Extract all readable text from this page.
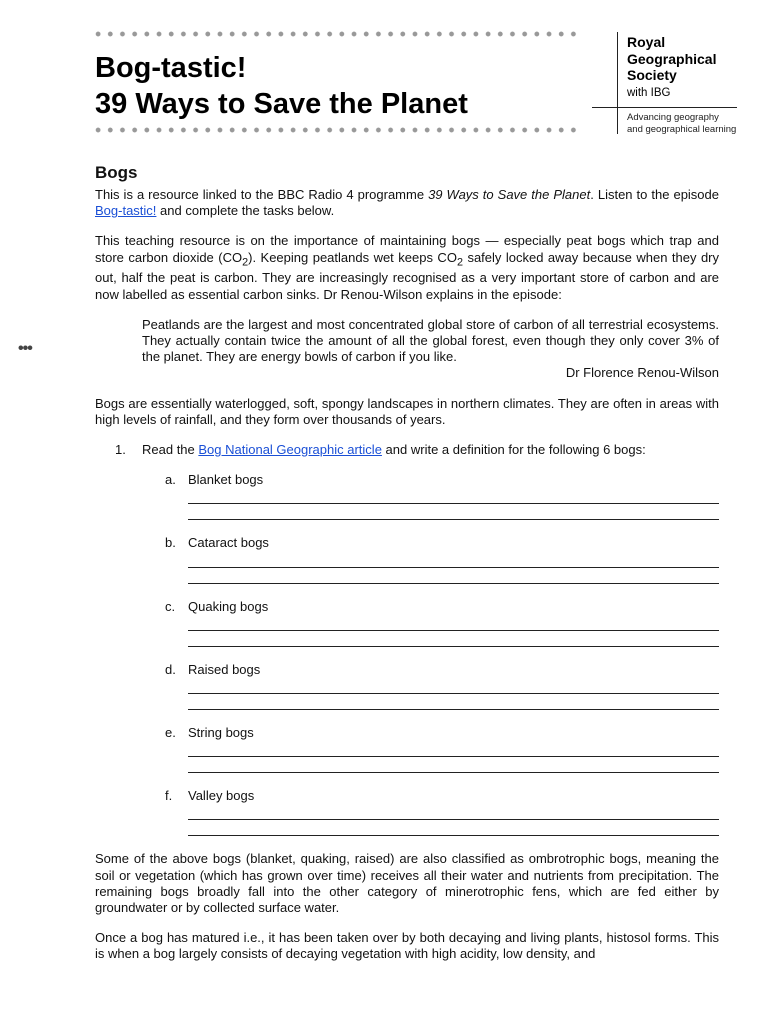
Bog-tastic!
39 Ways to Save the Planet
Royal
Geographical
Society
with IBG
Advancing geography
and geographical learning
•••
Bogs

This is a resource linked to the BBC Radio 4 programme 39 Ways to Save the Planet. Listen to the episode Bog-tastic! and complete the tasks below.

This teaching resource is on the importance of maintaining bogs — especially peat bogs which trap and store carbon dioxide $(CO_2)$. Keeping peatlands wet keeps $CO_2$ safely locked away because when they dry out, half the peat is carbon. They are increasingly recognised as a very important store of carbon and are now labelled as essential carbon sinks. Dr Renou-Wilson explains in the episode:

Peatlands are the largest and most concentrated global store of carbon of all terrestrial ecosystems. They actually contain twice the amount of all the global forest, even though they only cover 3% of the planet. They are energy bowls of carbon if you like.
Dr Florence Renou-Wilson

Bogs are essentially waterlogged, soft, spongy landscapes in northern climates. They are often in areas with high levels of rainfall, and they form over thousands of years.

1.	Read the Bog National Geographic article and write a definition for the following 6 bogs:
a. Blanket bogs
b. Cataract bogs
c. Quaking bogs
d. Raised bogs
e. String bogs
f.	Valley bogs

Some of the above bogs (blanket, quaking, raised) are also classified as ombrotrophic bogs, meaning the soil or vegetation (which has grown over time) receives all their water and nutrients from precipitation. The remaining bogs broadly fall into the other category of minerotrophic fens, which are fed either by groundwater or by collected surface water.

Once a bog has matured i.e., it has been taken over by both decaying and living plants, histosol forms. This is when a bog largely consists of decaying vegetation with high acidity, low density, and
